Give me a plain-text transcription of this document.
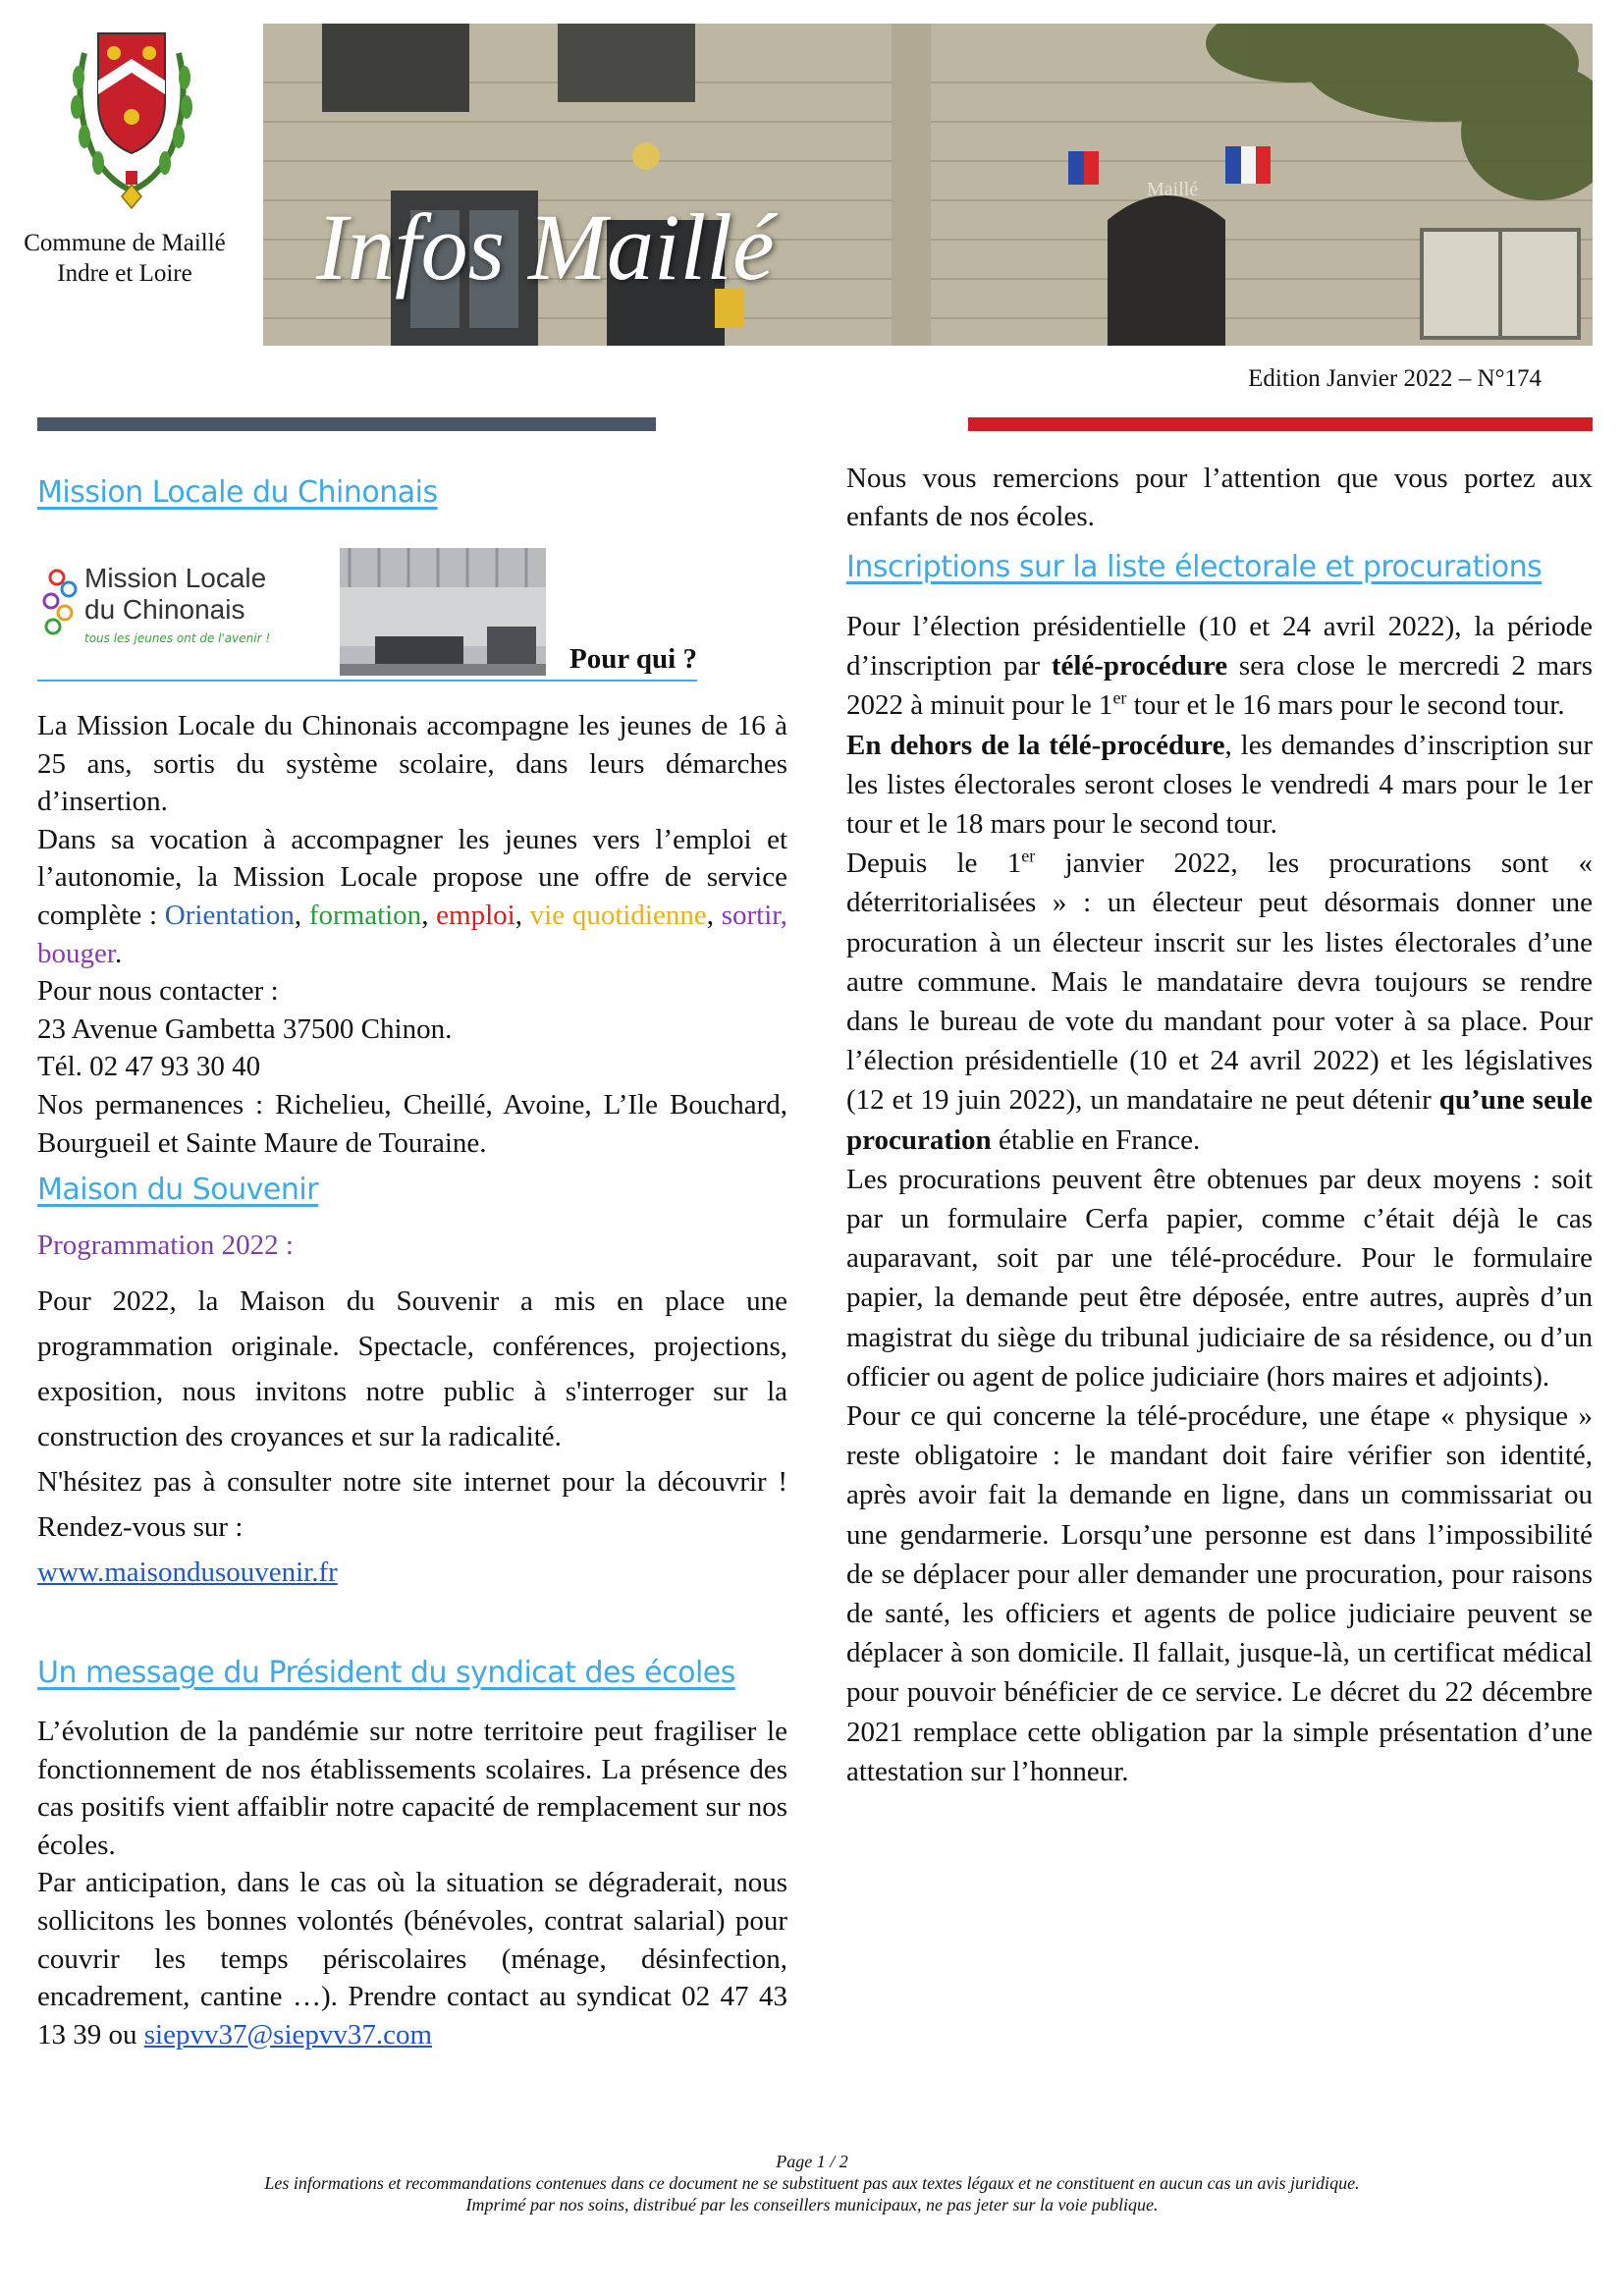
Commune de Maillé
Indre et Loire
Maillé
Infos Maillé
Edition Janvier 2022 – N°174
Mission Locale du Chinonais
Mission Locale
du Chinonais
tous les jeunes ont de l'avenir !
Pour qui ?

La Mission Locale du Chinonais accompagne les jeunes de 16 à 25 ans, sortis du système scolaire, dans leurs démarches d’insertion.

Dans sa vocation à accompagner les jeunes vers l’emploi et l’autonomie, la Mission Locale propose une offre de service complète : Orientation, formation, emploi, vie quotidienne, sortir, bouger.

Pour nous contacter :

23 Avenue Gambetta 37500 Chinon.

Tél. 02 47 93 30 40

Nos permanences : Richelieu, Cheillé, Avoine, L’Ile Bouchard, Bourgueil et Sainte Maure de Touraine.

Maison du Souvenir
Programmation 2022 :

Pour 2022, la Maison du Souvenir a mis en place une programmation originale. Spectacle, conférences, projections, exposition, nous invitons notre public à s'interroger sur la construction des croyances et sur la radicalité.

N'hésitez pas à consulter notre site internet pour la découvrir ! Rendez-vous sur :

www.maisondusouvenir.fr

Un message du Président du syndicat des écoles

L’évolution de la pandémie sur notre territoire peut fragiliser le fonctionnement de nos établissements scolaires. La présence des cas positifs vient affaiblir notre capacité de remplacement sur nos écoles.

Par anticipation, dans le cas où la situation se dégraderait, nous sollicitons les bonnes volontés (bénévoles, contrat salarial) pour couvrir les temps périscolaires (ménage, désinfection, encadrement, cantine …). Prendre contact au syndicat 02 47 43 13 39 ou siepvv37@siepvv37.com

Nous vous remercions pour l’attention que vous portez aux enfants de nos écoles.

Inscriptions sur la liste électorale et procurations

Pour l’élection présidentielle (10 et 24 avril 2022), la période d’inscription par télé-procédure sera close le mercredi 2 mars 2022 à minuit pour le 1er tour et le 16 mars pour le second tour.

En dehors de la télé-procédure, les demandes d’inscription sur les listes électorales seront closes le vendredi 4 mars pour le 1er tour et le 18 mars pour le second tour.

Depuis le 1er janvier 2022, les procurations sont « déterritorialisées » : un électeur peut désormais donner une procuration à un électeur inscrit sur les listes électorales d’une autre commune. Mais le mandataire devra toujours se rendre dans le bureau de vote du mandant pour voter à sa place. Pour l’élection présidentielle (10 et 24 avril 2022) et les législatives (12 et 19 juin 2022), un mandataire ne peut détenir qu’une seule procuration établie en France.

Les procurations peuvent être obtenues par deux moyens : soit par un formulaire Cerfa papier, comme c’était déjà le cas auparavant, soit par une télé-procédure. Pour le formulaire papier, la demande peut être déposée, entre autres, auprès d’un magistrat du siège du tribunal judiciaire de sa résidence, ou d’un officier ou agent de police judiciaire (hors maires et adjoints).

Pour ce qui concerne la télé-procédure, une étape « physique » reste obligatoire : le mandant doit faire vérifier son identité, après avoir fait la demande en ligne, dans un commissariat ou une gendarmerie. Lorsqu’une personne est dans l’impossibilité de se déplacer pour aller demander une procuration, pour raisons de santé, les officiers et agents de police judiciaire peuvent se déplacer à son domicile. Il fallait, jusque-là, un certificat médical pour pouvoir bénéficier de ce service. Le décret du 22 décembre 2021 remplace cette obligation par la simple présentation d’une attestation sur l’honneur.

Page 1 / 2
Les informations et recommandations contenues dans ce document ne se substituent pas aux textes légaux et ne constituent en aucun cas un avis juridique.
Imprimé par nos soins, distribué par les conseillers municipaux, ne pas jeter sur la voie publique.
